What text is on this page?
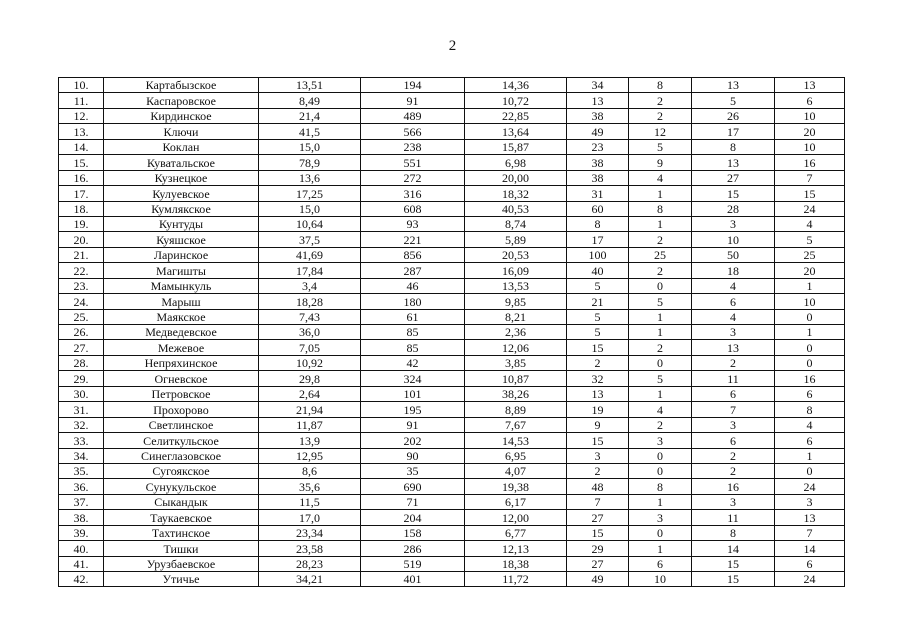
2
10.	Картабызское	13,51	194	14,36	34	8	13	13
11.	Каспаровское	8,49	91	10,72	13	2	5	6
12.	Кирдинское	21,4	489	22,85	38	2	26	10
13.	Ключи	41,5	566	13,64	49	12	17	20
14.	Коклан	15,0	238	15,87	23	5	8	10
15.	Куватальское	78,9	551	6,98	38	9	13	16
16.	Кузнецкое	13,6	272	20,00	38	4	27	7
17.	Кулуевское	17,25	316	18,32	31	1	15	15
18.	Кумлякское	15,0	608	40,53	60	8	28	24
19.	Кунтуды	10,64	93	8,74	8	1	3	4
20.	Куяшское	37,5	221	5,89	17	2	10	5
21.	Ларинское	41,69	856	20,53	100	25	50	25
22.	Магишты	17,84	287	16,09	40	2	18	20
23.	Мамынкуль	3,4	46	13,53	5	0	4	1
24.	Марыш	18,28	180	9,85	21	5	6	10
25.	Маякское	7,43	61	8,21	5	1	4	0
26.	Медведевское	36,0	85	2,36	5	1	3	1
27.	Межевое	7,05	85	12,06	15	2	13	0
28.	Непряхинское	10,92	42	3,85	2	0	2	0
29.	Огневское	29,8	324	10,87	32	5	11	16
30.	Петровское	2,64	101	38,26	13	1	6	6
31.	Прохорово	21,94	195	8,89	19	4	7	8
32.	Светлинское	11,87	91	7,67	9	2	3	4
33.	Селиткульское	13,9	202	14,53	15	3	6	6
34.	Синеглазовское	12,95	90	6,95	3	0	2	1
35.	Сугоякское	8,6	35	4,07	2	0	2	0
36.	Сунукульское	35,6	690	19,38	48	8	16	24
37.	Сыкандык	11,5	71	6,17	7	1	3	3
38.	Таукаевское	17,0	204	12,00	27	3	11	13
39.	Тахтинское	23,34	158	6,77	15	0	8	7
40.	Тишки	23,58	286	12,13	29	1	14	14
41.	Урузбаевское	28,23	519	18,38	27	6	15	6
42.	Утичье	34,21	401	11,72	49	10	15	24
